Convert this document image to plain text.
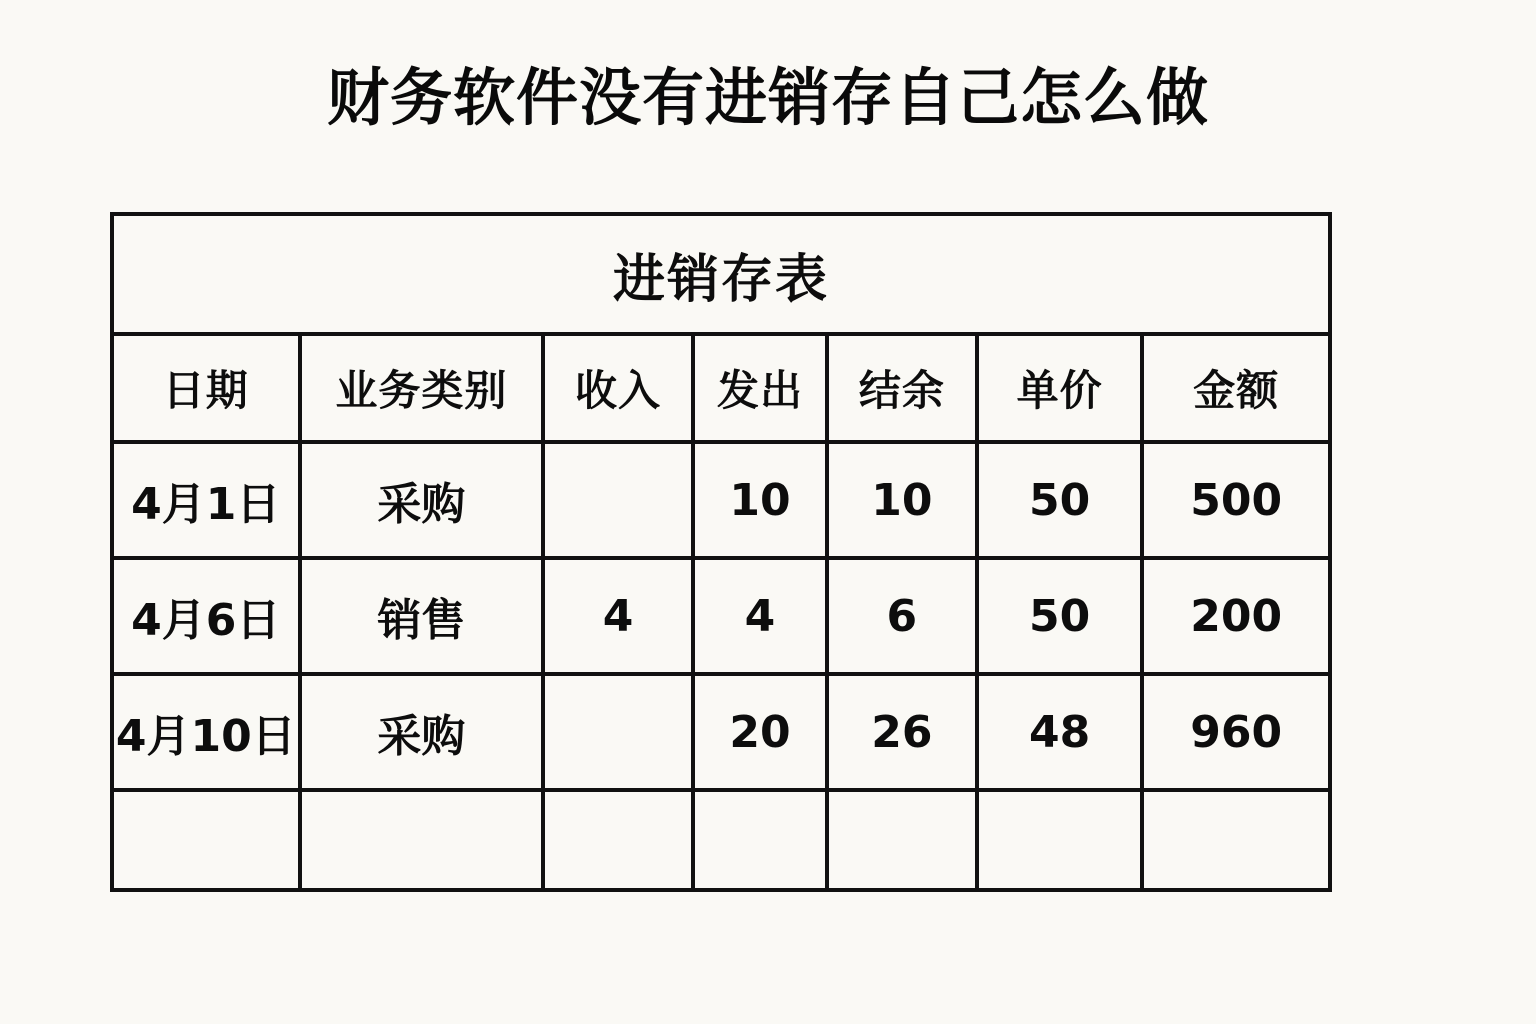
财务软件没有进销存自己怎么做
进销存表						
日期	业务类别	收入	发出	结余	单价	金额
4月1日	采购		10	10	50	500
4月6日	销售	4	4	6	50	200
4月10日	采购		20	26	48	960
